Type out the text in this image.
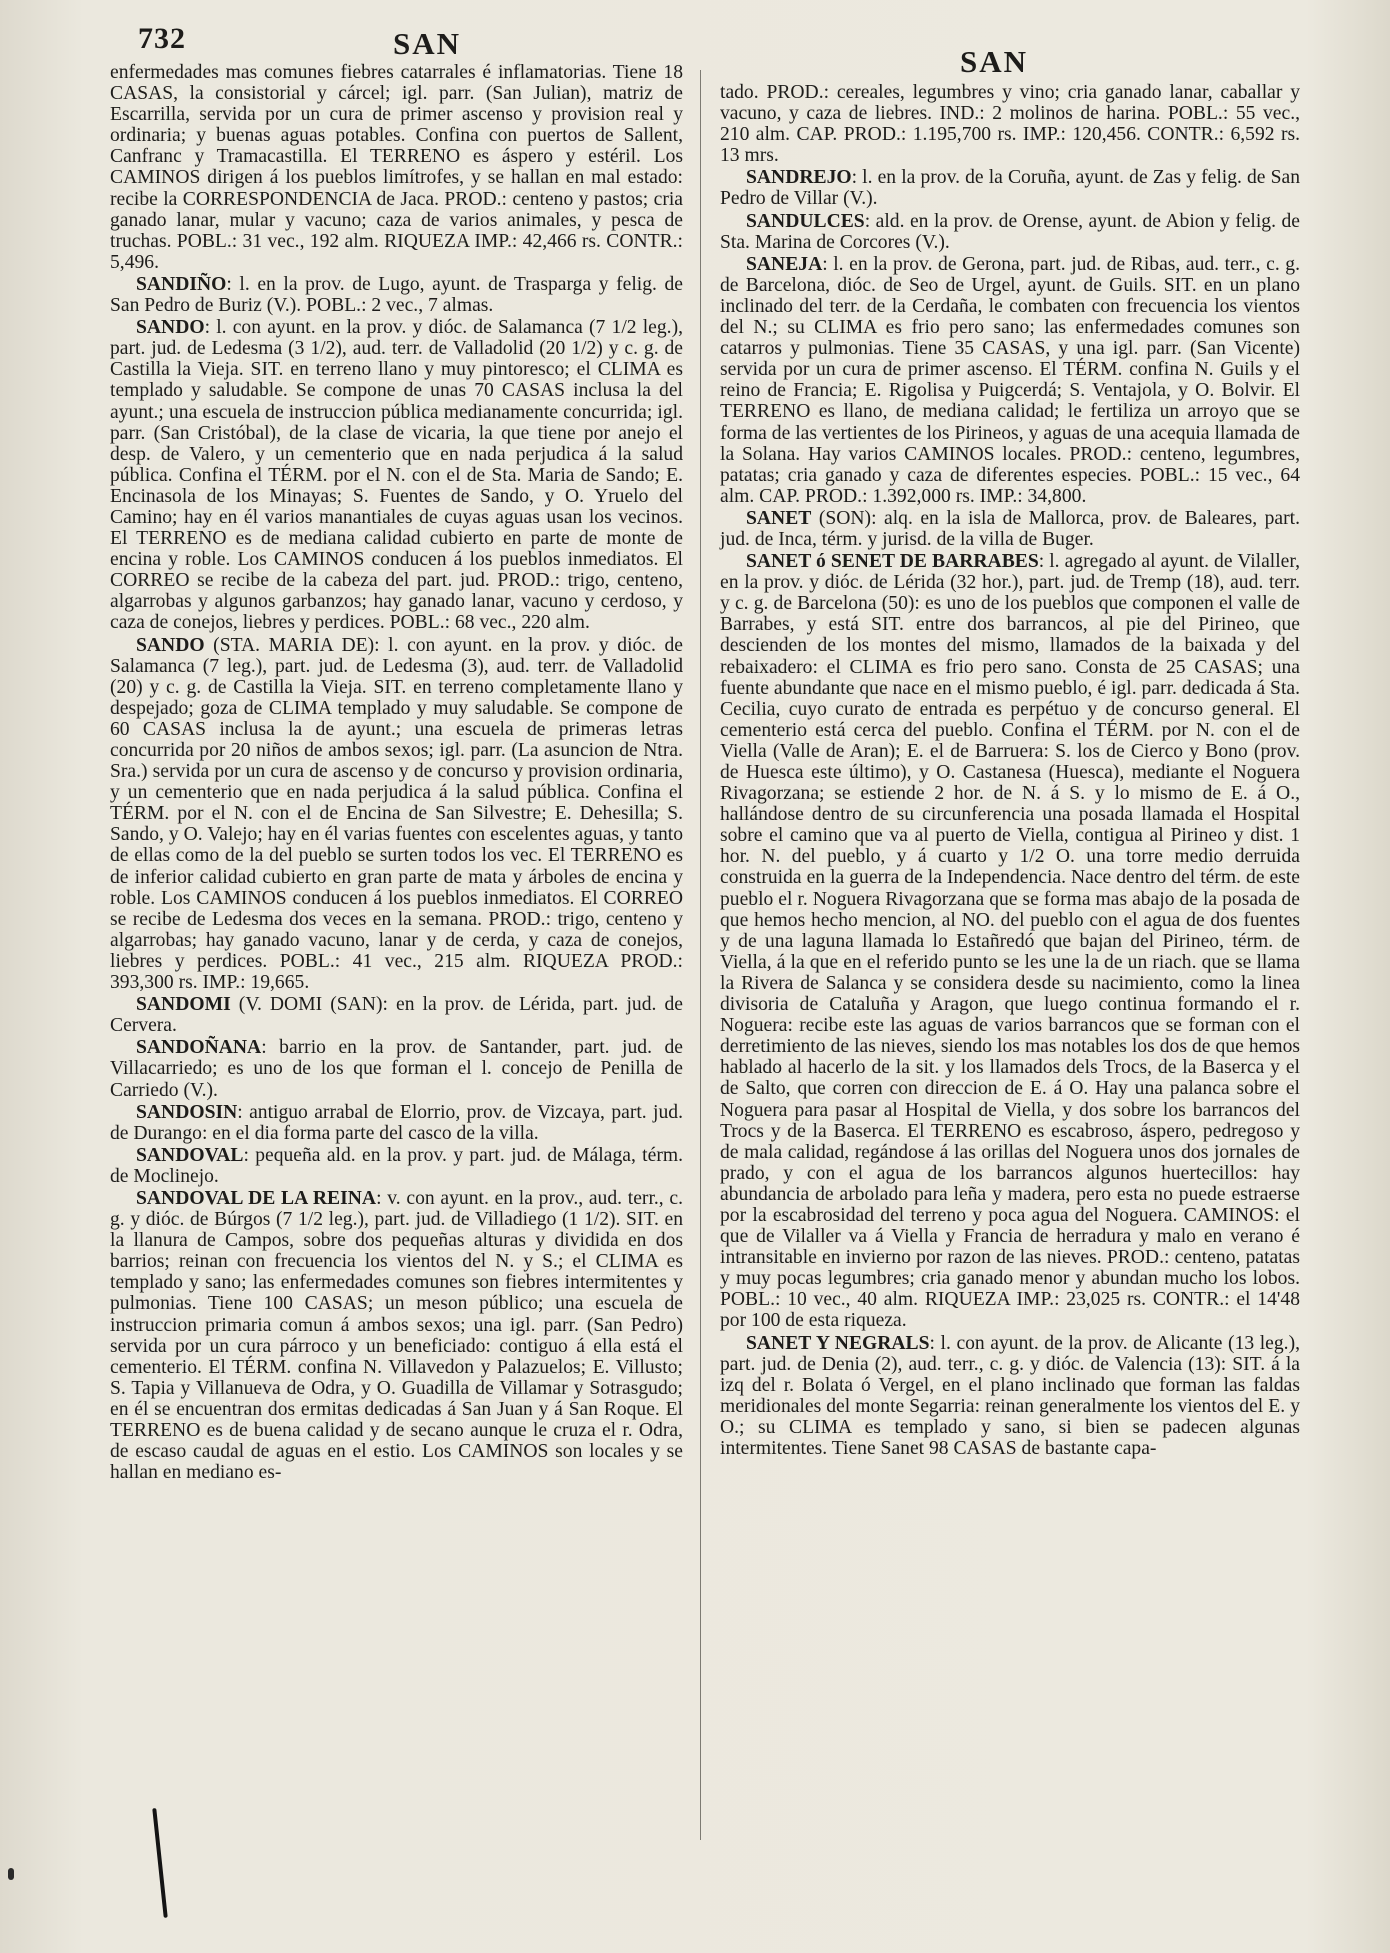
732	SAN
SAN

enfermedades mas comunes fiebres catarrales é inflamatorias. Tiene 18 CASAS, la consistorial y cárcel; igl. parr. (San Julian), matriz de Escarrilla, servida por un cura de primer ascenso y provision real y ordinaria; y buenas aguas potables. Confina con puertos de Sallent, Canfranc y Tramacastilla. El TERRENO es áspero y estéril. Los CAMINOS dirigen á los pueblos limítrofes, y se hallan en mal estado: recibe la CORRESPONDENCIA de Jaca. PROD.: centeno y pastos; cria ganado lanar, mular y vacuno; caza de varios animales, y pesca de truchas. POBL.: 31 vec., 192 alm. RIQUEZA IMP.: 42,466 rs. CONTR.: 5,496.

SANDIÑO: l. en la prov. de Lugo, ayunt. de Trasparga y felig. de San Pedro de Buriz (V.). POBL.: 2 vec., 7 almas.

SANDO: l. con ayunt. en la prov. y dióc. de Salamanca (7 1/2 leg.), part. jud. de Ledesma (3 1/2), aud. terr. de Valladolid (20 1/2) y c. g. de Castilla la Vieja. SIT. en terreno llano y muy pintoresco; el CLIMA es templado y saludable. Se compone de unas 70 CASAS inclusa la del ayunt.; una escuela de instruccion pública medianamente concurrida; igl. parr. (San Cristóbal), de la clase de vicaria, la que tiene por anejo el desp. de Valero, y un cementerio que en nada perjudica á la salud pública. Confina el TÉRM. por el N. con el de Sta. Maria de Sando; E. Encinasola de los Minayas; S. Fuentes de Sando, y O. Yruelo del Camino; hay en él varios manantiales de cuyas aguas usan los vecinos. El TERRENO es de mediana calidad cubierto en parte de monte de encina y roble. Los CAMINOS conducen á los pueblos inmediatos. El CORREO se recibe de la cabeza del part. jud. PROD.: trigo, centeno, algarrobas y algunos garbanzos; hay ganado lanar, vacuno y cerdoso, y caza de conejos, liebres y perdices. POBL.: 68 vec., 220 alm.

SANDO (STA. MARIA DE): l. con ayunt. en la prov. y dióc. de Salamanca (7 leg.), part. jud. de Ledesma (3), aud. terr. de Valladolid (20) y c. g. de Castilla la Vieja. SIT. en terreno completamente llano y despejado; goza de CLIMA templado y muy saludable. Se compone de 60 CASAS inclusa la de ayunt.; una escuela de primeras letras concurrida por 20 niños de ambos sexos; igl. parr. (La asuncion de Ntra. Sra.) servida por un cura de ascenso y de concurso y provision ordinaria, y un cementerio que en nada perjudica á la salud pública. Confina el TÉRM. por el N. con el de Encina de San Silvestre; E. Dehesilla; S. Sando, y O. Valejo; hay en él varias fuentes con escelentes aguas, y tanto de ellas como de la del pueblo se surten todos los vec. El TERRENO es de inferior calidad cubierto en gran parte de mata y árboles de encina y roble. Los CAMINOS conducen á los pueblos inmediatos. El CORREO se recibe de Ledesma dos veces en la semana. PROD.: trigo, centeno y algarrobas; hay ganado vacuno, lanar y de cerda, y caza de conejos, liebres y perdices. POBL.: 41 vec., 215 alm. RIQUEZA PROD.: 393,300 rs. IMP.: 19,665.

SANDOMI (V. DOMI (SAN): en la prov. de Lérida, part. jud. de Cervera.

SANDOÑANA: barrio en la prov. de Santander, part. jud. de Villacarriedo; es uno de los que forman el l. concejo de Penilla de Carriedo (V.).

SANDOSIN: antiguo arrabal de Elorrio, prov. de Vizcaya, part. jud. de Durango: en el dia forma parte del casco de la villa.

SANDOVAL: pequeña ald. en la prov. y part. jud. de Málaga, térm. de Moclinejo.

SANDOVAL DE LA REINA: v. con ayunt. en la prov., aud. terr., c. g. y dióc. de Búrgos (7 1/2 leg.), part. jud. de Villadiego (1 1/2). SIT. en la llanura de Campos, sobre dos pequeñas alturas y dividida en dos barrios; reinan con frecuencia los vientos del N. y S.; el CLIMA es templado y sano; las enfermedades comunes son fiebres intermitentes y pulmonias. Tiene 100 CASAS; un meson público; una escuela de instruccion primaria comun á ambos sexos; una igl. parr. (San Pedro) servida por un cura párroco y un beneficiado: contiguo á ella está el cementerio. El TÉRM. confina N. Villavedon y Palazuelos; E. Villusto; S. Tapia y Villanueva de Odra, y O. Guadilla de Villamar y Sotrasgudo; en él se encuentran dos ermitas dedicadas á San Juan y á San Roque. El TERRENO es de buena calidad y de secano aunque le cruza el r. Odra, de escaso caudal de aguas en el estio. Los CAMINOS son locales y se hallan en mediano es-

tado. PROD.: cereales, legumbres y vino; cria ganado lanar, caballar y vacuno, y caza de liebres. IND.: 2 molinos de harina. POBL.: 55 vec., 210 alm. CAP. PROD.: 1.195,700 rs. IMP.: 120,456. CONTR.: 6,592 rs. 13 mrs.

SANDREJO: l. en la prov. de la Coruña, ayunt. de Zas y felig. de San Pedro de Villar (V.).

SANDULCES: ald. en la prov. de Orense, ayunt. de Abion y felig. de Sta. Marina de Corcores (V.).

SANEJA: l. en la prov. de Gerona, part. jud. de Ribas, aud. terr., c. g. de Barcelona, dióc. de Seo de Urgel, ayunt. de Guils. SIT. en un plano inclinado del terr. de la Cerdaña, le combaten con frecuencia los vientos del N.; su CLIMA es frio pero sano; las enfermedades comunes son catarros y pulmonias. Tiene 35 CASAS, y una igl. parr. (San Vicente) servida por un cura de primer ascenso. El TÉRM. confina N. Guils y el reino de Francia; E. Rigolisa y Puigcerdá; S. Ventajola, y O. Bolvir. El TERRENO es llano, de mediana calidad; le fertiliza un arroyo que se forma de las vertientes de los Pirineos, y aguas de una acequia llamada de la Solana. Hay varios CAMINOS locales. PROD.: centeno, legumbres, patatas; cria ganado y caza de diferentes especies. POBL.: 15 vec., 64 alm. CAP. PROD.: 1.392,000 rs. IMP.: 34,800.

SANET (SON): alq. en la isla de Mallorca, prov. de Baleares, part. jud. de Inca, térm. y jurisd. de la villa de Buger.

SANET ó SENET DE BARRABES: l. agregado al ayunt. de Vilaller, en la prov. y dióc. de Lérida (32 hor.), part. jud. de Tremp (18), aud. terr. y c. g. de Barcelona (50): es uno de los pueblos que componen el valle de Barrabes, y está SIT. entre dos barrancos, al pie del Pirineo, que descienden de los montes del mismo, llamados de la baixada y del rebaixadero: el CLIMA es frio pero sano. Consta de 25 CASAS; una fuente abundante que nace en el mismo pueblo, é igl. parr. dedicada á Sta. Cecilia, cuyo curato de entrada es perpétuo y de concurso general. El cementerio está cerca del pueblo. Confina el TÉRM. por N. con el de Viella (Valle de Aran); E. el de Barruera: S. los de Cierco y Bono (prov. de Huesca este último), y O. Castanesa (Huesca), mediante el Noguera Rivagorzana; se estiende 2 hor. de N. á S. y lo mismo de E. á O., hallándose dentro de su circunferencia una posada llamada el Hospital sobre el camino que va al puerto de Viella, contigua al Pirineo y dist. 1 hor. N. del pueblo, y á cuarto y 1/2 O. una torre medio derruida construida en la guerra de la Independencia. Nace dentro del térm. de este pueblo el r. Noguera Rivagorzana que se forma mas abajo de la posada de que hemos hecho mencion, al NO. del pueblo con el agua de dos fuentes y de una laguna llamada lo Estañredó que bajan del Pirineo, térm. de Viella, á la que en el referido punto se les une la de un riach. que se llama la Rivera de Salanca y se considera desde su nacimiento, como la linea divisoria de Cataluña y Aragon, que luego continua formando el r. Noguera: recibe este las aguas de varios barrancos que se forman con el derretimiento de las nieves, siendo los mas notables los dos de que hemos hablado al hacerlo de la sit. y los llamados dels Trocs, de la Baserca y el de Salto, que corren con direccion de E. á O. Hay una palanca sobre el Noguera para pasar al Hospital de Viella, y dos sobre los barrancos del Trocs y de la Baserca. El TERRENO es escabroso, áspero, pedregoso y de mala calidad, regándose á las orillas del Noguera unos dos jornales de prado, y con el agua de los barrancos algunos huertecillos: hay abundancia de arbolado para leña y madera, pero esta no puede estraerse por la escabrosidad del terreno y poca agua del Noguera. CAMINOS: el que de Vilaller va á Viella y Francia de herradura y malo en verano é intransitable en invierno por razon de las nieves. PROD.: centeno, patatas y muy pocas legumbres; cria ganado menor y abundan mucho los lobos. POBL.: 10 vec., 40 alm. RIQUEZA IMP.: 23,025 rs. CONTR.: el 14'48 por 100 de esta riqueza.

SANET Y NEGRALS: l. con ayunt. de la prov. de Alicante (13 leg.), part. jud. de Denia (2), aud. terr., c. g. y dióc. de Valencia (13): SIT. á la izq del r. Bolata ó Vergel, en el plano inclinado que forman las faldas meridionales del monte Segarria: reinan generalmente los vientos del E. y O.; su CLIMA es templado y sano, si bien se padecen algunas intermitentes. Tiene Sanet 98 CASAS de bastante capa-
